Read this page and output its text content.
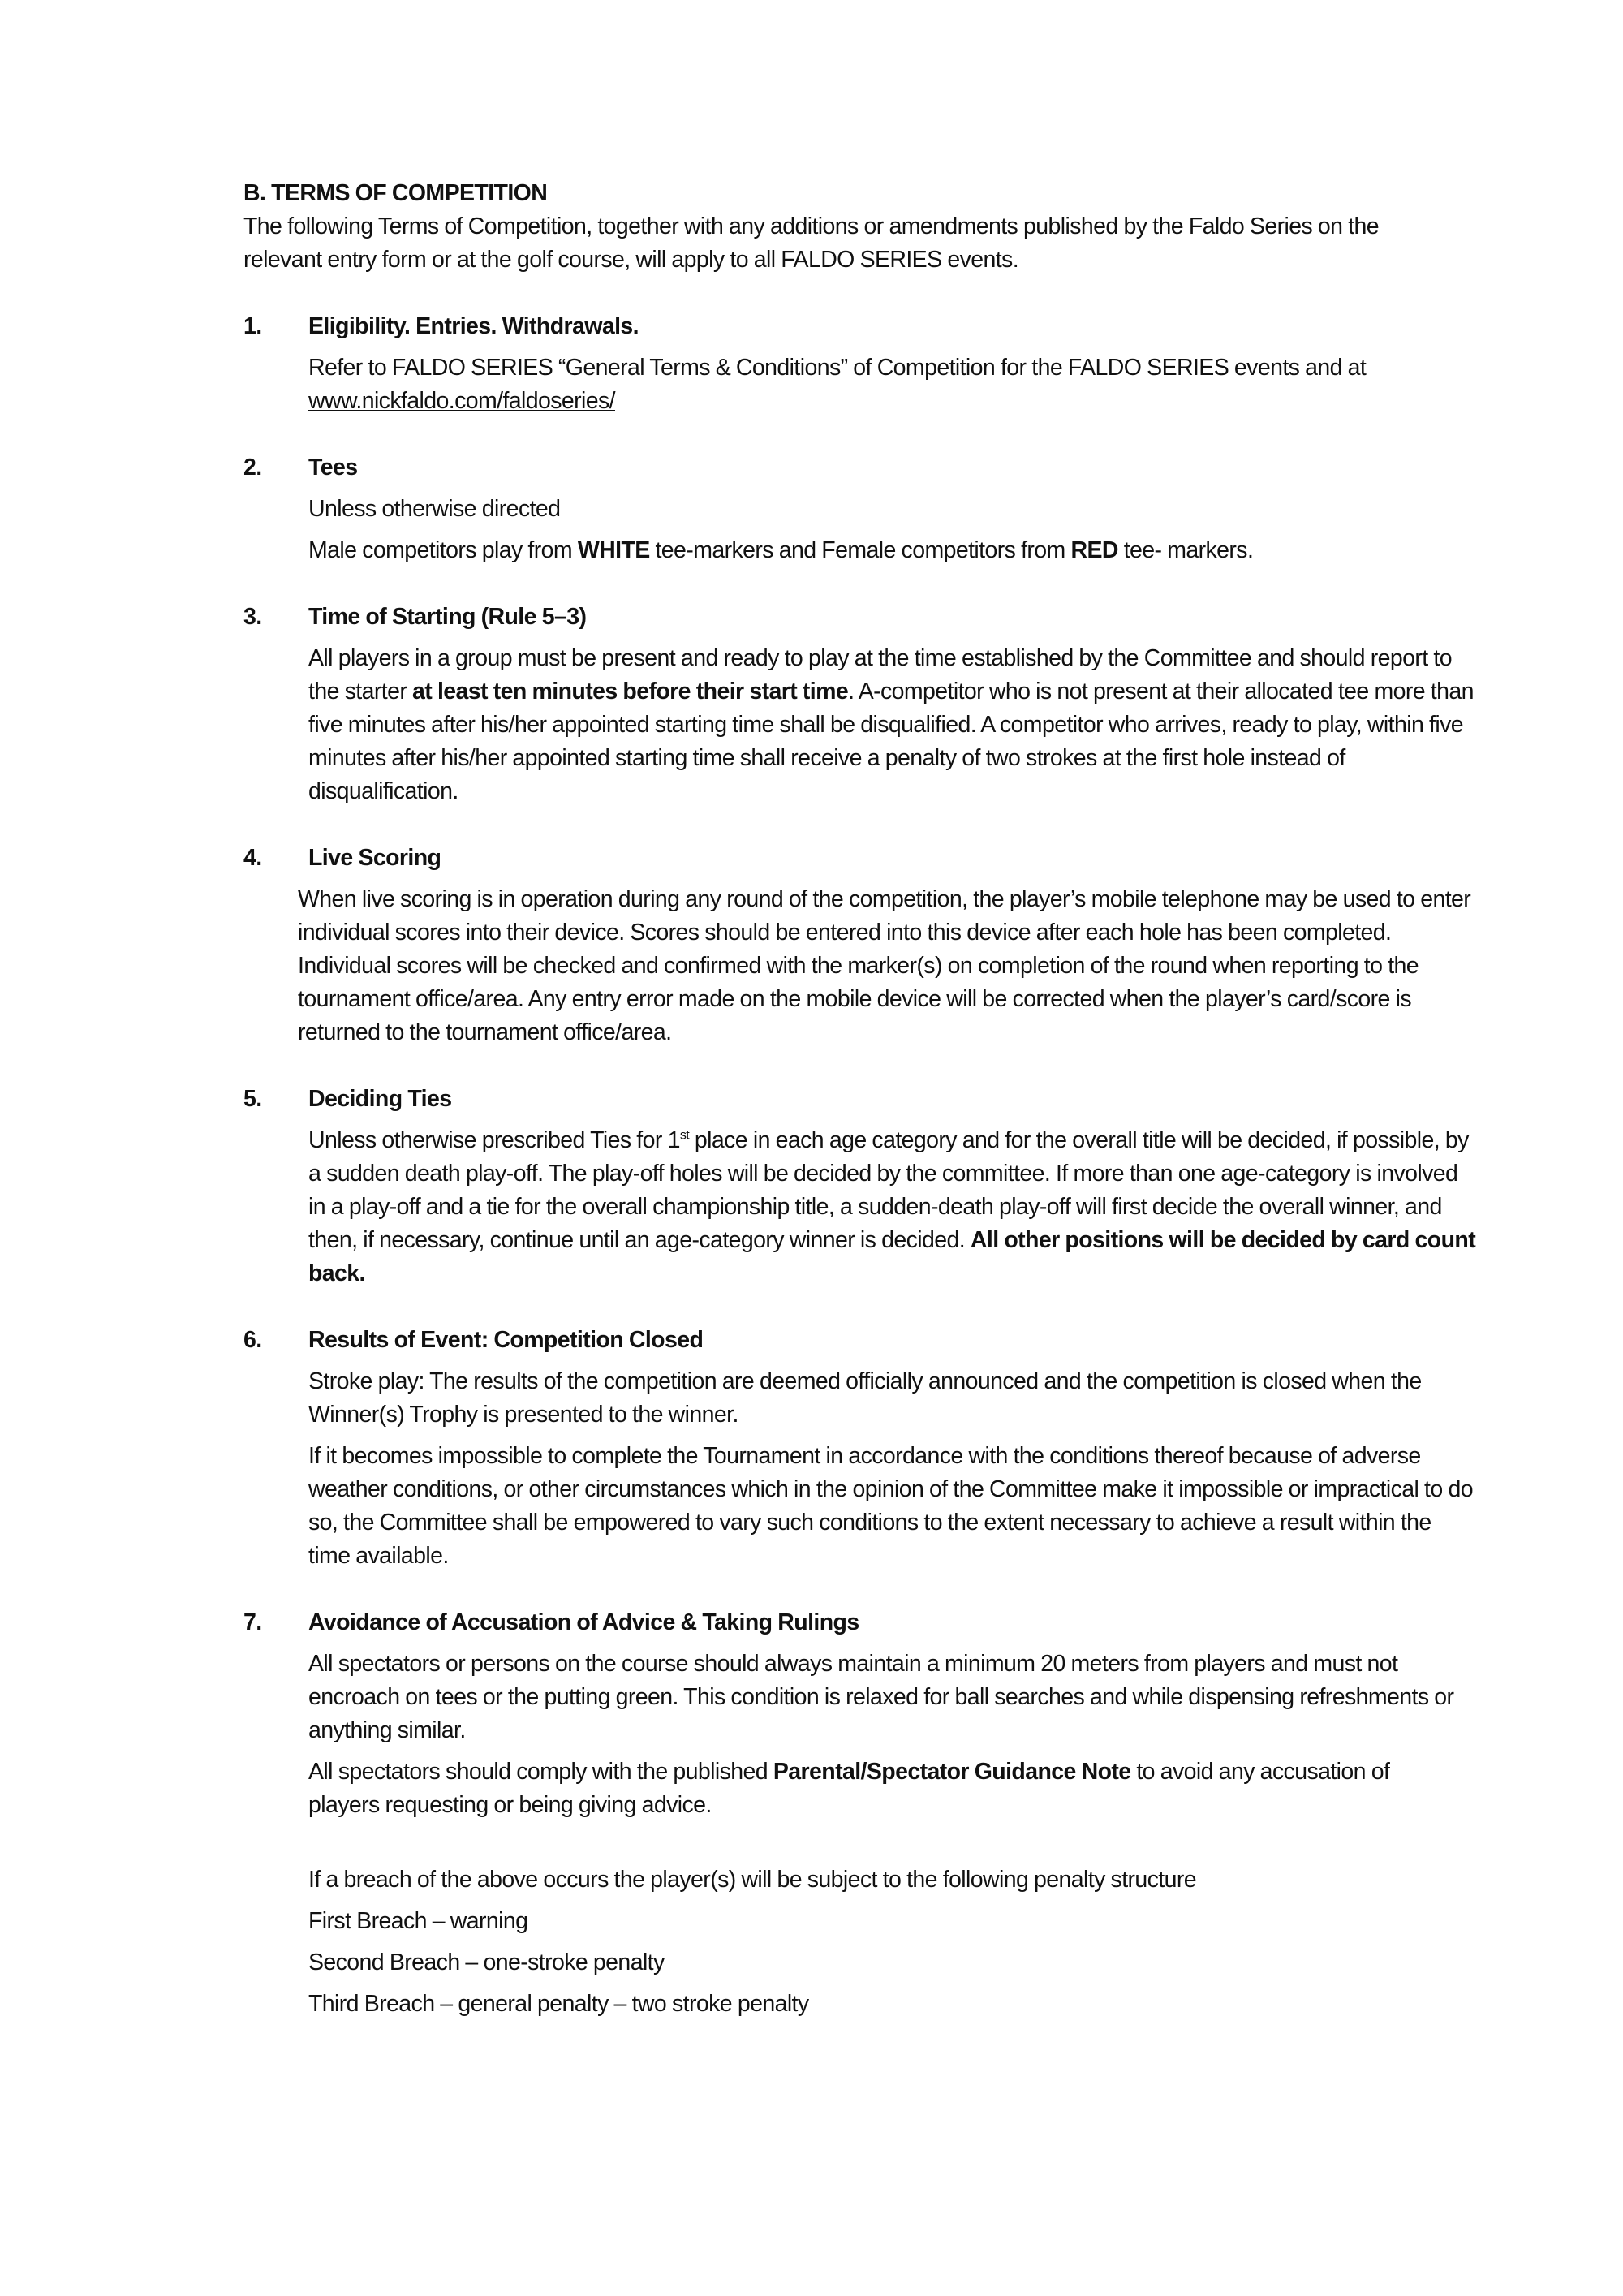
B. TERMS OF COMPETITION

The following Terms of Competition, together with any additions or amendments published by the Faldo Series on the relevant entry form or at the golf course, will apply to all FALDO SERIES events.

1.	Eligibility. Entries. Withdrawals.

Refer to FALDO SERIES “General Terms & Conditions” of Competition for the FALDO SERIES events and at www.nickfaldo.com/faldoseries/

2.	Tees

Unless otherwise directed

Male competitors play from WHITE tee-markers and Female competitors from RED tee- markers.

3.	Time of Starting (Rule 5–3)

All players in a group must be present and ready to play at the time established by the Committee and should report to the starter at least ten minutes before their start time. A-competitor who is not present at their allocated tee more than five minutes after his/her appointed starting time shall be disqualified. A competitor who arrives, ready to play, within five minutes after his/her appointed starting time shall receive a penalty of two strokes at the first hole instead of disqualification.

4.	Live Scoring

When live scoring is in operation during any round of the competition, the player’s mobile telephone may be used to enter individual scores into their device. Scores should be entered into this device after each hole has been completed. Individual scores will be checked and confirmed with the marker(s) on completion of the round when reporting to the tournament office/area. Any entry error made on the mobile device will be corrected when the player’s card/score is returned to the tournament office/area.

5.	Deciding Ties

Unless otherwise prescribed Ties for 1st place in each age category and for the overall title will be decided, if possible, by a sudden death play-off. The play-off holes will be decided by the committee. If more than one age-category is involved in a play-off and a tie for the overall championship title, a sudden-death play-off will first decide the overall winner, and then, if necessary, continue until an age-category winner is decided. All other positions will be decided by card count back.

6.	Results of Event: Competition Closed

Stroke play: The results of the competition are deemed officially announced and the competition is closed when the Winner(s) Trophy is presented to the winner.

If it becomes impossible to complete the Tournament in accordance with the conditions thereof because of adverse weather conditions, or other circumstances which in the opinion of the Committee make it impossible or impractical to do so, the Committee shall be empowered to vary such conditions to the extent necessary to achieve a result within the time available.

7.	Avoidance of Accusation of Advice & Taking Rulings

All spectators or persons on the course should always maintain a minimum 20 meters from players and must not encroach on tees or the putting green. This condition is relaxed for ball searches and while dispensing refreshments or anything similar.

All spectators should comply with the published Parental/Spectator Guidance Note to avoid any accusation of players requesting or being giving advice.

If a breach of the above occurs the player(s) will be subject to the following penalty structure

First Breach – warning

Second Breach – one-stroke penalty

Third Breach – general penalty – two stroke penalty
